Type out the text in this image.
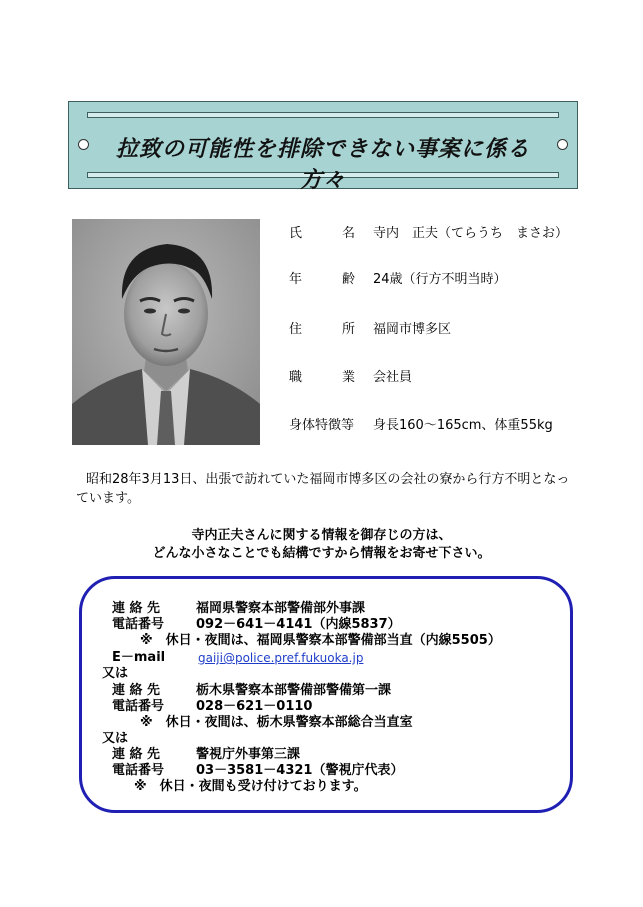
拉致の可能性を排除できない事案に係る方々
氏	名 寺内　正夫（てらうち　まさお）
年	齢 24歳（行方不明当時）
住	所 福岡市博多区
職	業 会社員
身体特徴等 身長160～165cm、体重55kg
昭和28年3月13日、出張で訪れていた福岡市博多区の会社の寮から行方不明となっています。
寺内正夫さんに関する情報を御存じの方は、
どんな小さなことでも結構ですから情報をお寄せ下さい。
連 絡 先	福岡県警察本部警備部外事課
電話番号 092－641－4141（内線5837）
※　休日・夜間は、福岡県警察本部警備部当直（内線5505）
E－mail	gaiji@police.pref.fukuoka.jp
又は
連 絡 先	栃木県警察本部警備部警備第一課
電話番号 028－621－0110
※　休日・夜間は、栃木県警察本部総合当直室
又は
連 絡 先	警視庁外事第三課
電話番号 03－3581－4321（警視庁代表）
※　休日・夜間も受け付けております。
